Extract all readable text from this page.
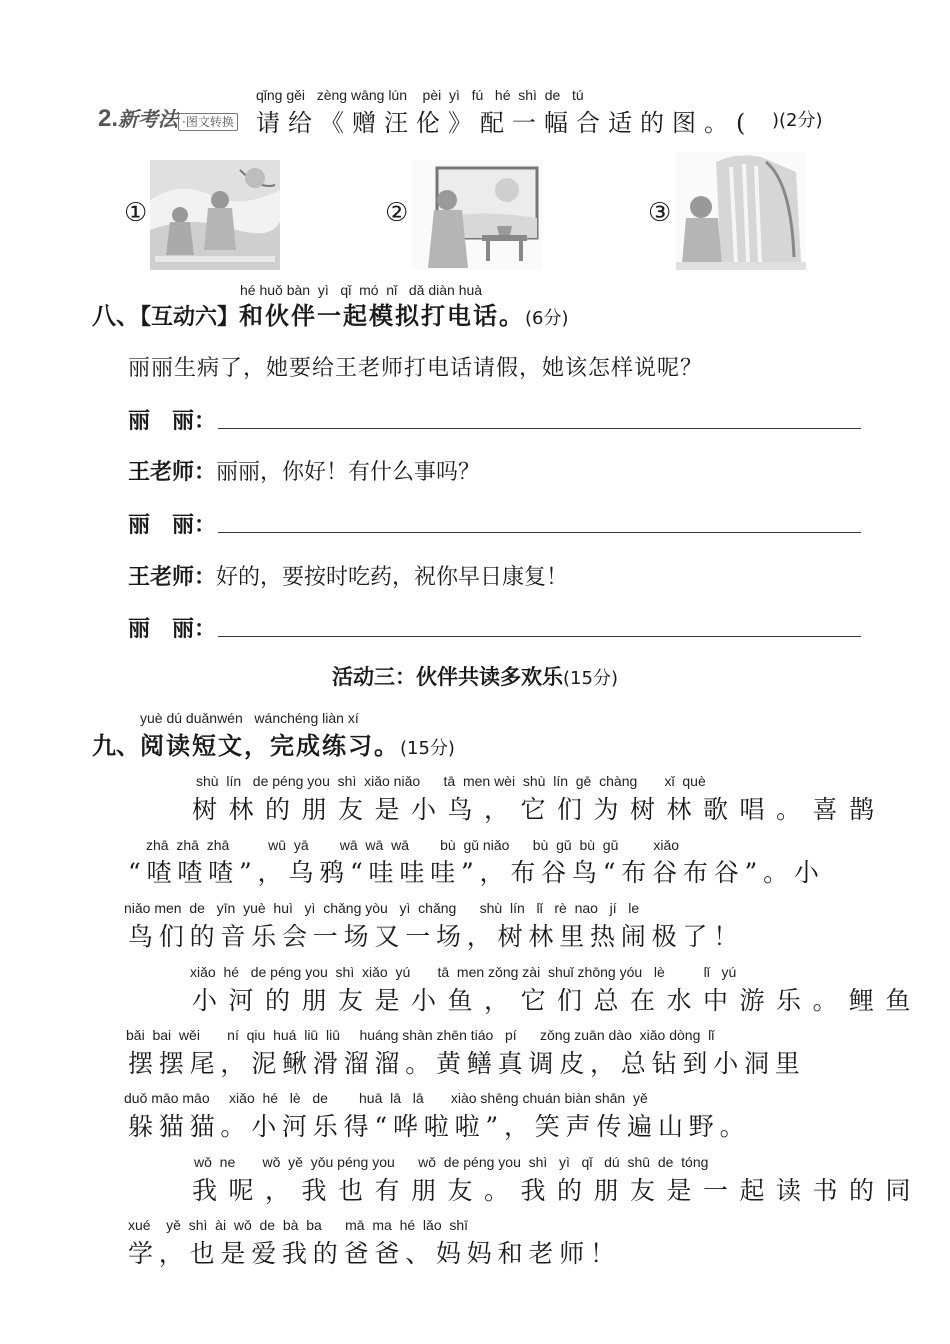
qǐng gěi   zèng wāng lún    pèi  yì   fú   hé  shì  de   tú
2.新考法 ·图文转换 请给《赠汪伦》配一幅合适的图。( )(2分)
①	②	③
hé huǒ bàn  yì   qǐ  mó  nǐ   dǎ diàn huà
八、【互动六】和伙伴一起模拟打电话。(6分)
丽丽生病了，她要给王老师打电话请假，她该怎样说呢？
丽　丽：
王老师：丽丽，你好！有什么事吗？
丽　丽：
王老师：好的，要按时吃药，祝你早日康复！
丽　丽：
活动三：伙伴共读多欢乐(15分)
yuè dú duǎnwén   wánchéng liàn xí
九、阅读短文，完成练习。(15分)
shù  lín   de péng you  shì  xiǎo niǎo      tā  men wèi  shù  lín  gē  chàng       xǐ  què
树林的朋友是小鸟，它们为树林歌唱。喜鹊
zhā  zhā  zhā          wū  yā        wā  wā  wā        bù  gǔ niǎo      bù  gǔ  bù  gǔ         xiǎo
“喳喳喳”，乌鸦“哇哇哇”，布谷鸟“布谷布谷”。小
niǎo men  de   yīn  yuè  huì   yì  chǎng yòu   yì  chǎng      shù  lín   lǐ   rè  nao   jí   le
鸟们的音乐会一场又一场，树林里热闹极了！
xiǎo  hé   de péng you  shì  xiǎo  yú       tā  men zǒng zài  shuǐ zhōng yóu   lè          lǐ   yú
小河的朋友是小鱼，它们总在水中游乐。鲤鱼
bǎi  bai  wěi       ní  qiu  huá  liū  liū     huáng shàn zhēn tiáo   pí      zǒng zuān dào  xiǎo dòng  lǐ
摆摆尾，泥鳅滑溜溜。黄鳝真调皮，总钻到小洞里
duǒ māo māo     xiǎo  hé   lè   de        huā  lā   lā       xiào shēng chuán biàn shān  yě
躲猫猫。小河乐得“哗啦啦”，笑声传遍山野。
wǒ  ne       wǒ  yě  yǒu péng you      wǒ  de péng you  shì   yì   qǐ   dú  shū  de  tóng
我呢，我也有朋友。我的朋友是一起读书的同
xué    yě  shì  ài  wǒ  de  bà  ba      mā  ma  hé  lǎo  shī
学，也是爱我的爸爸、妈妈和老师！
